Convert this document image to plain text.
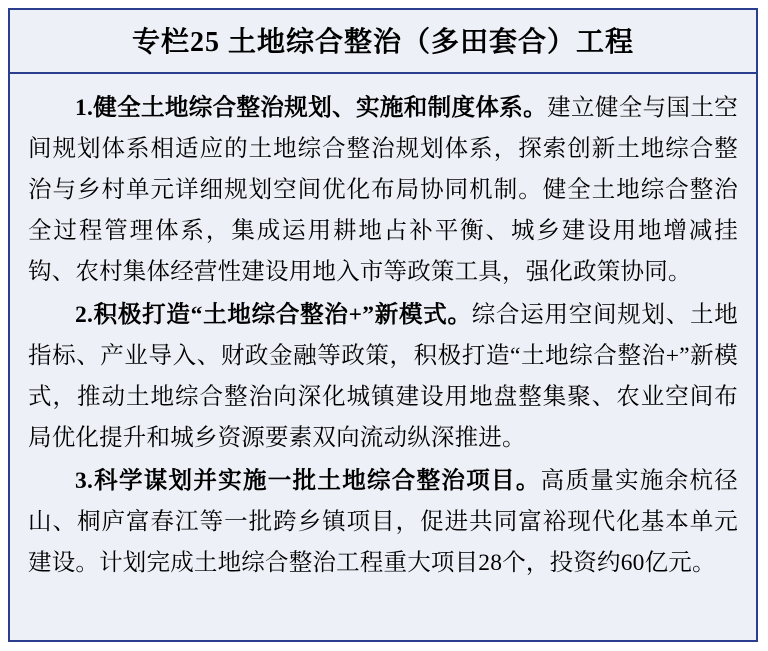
专栏25 土地综合整治（多田套合）工程

1.健全土地综合整治规划、实施和制度体系。建立健全与国土空间规划体系相适应的土地综合整治规划体系，探索创新土地综合整治与乡村单元详细规划空间优化布局协同机制。健全土地综合整治全过程管理体系，集成运用耕地占补平衡、城乡建设用地增减挂钩、农村集体经营性建设用地入市等政策工具，强化政策协同。

2.积极打造“土地综合整治+”新模式。综合运用空间规划、土地指标、产业导入、财政金融等政策，积极打造“土地综合整治+”新模式，推动土地综合整治向深化城镇建设用地盘整集聚、农业空间布局优化提升和城乡资源要素双向流动纵深推进。

3.科学谋划并实施一批土地综合整治项目。高质量实施余杭径山、桐庐富春江等一批跨乡镇项目，促进共同富裕现代化基本单元建设。计划完成土地综合整治工程重大项目28个，投资约60亿元。
